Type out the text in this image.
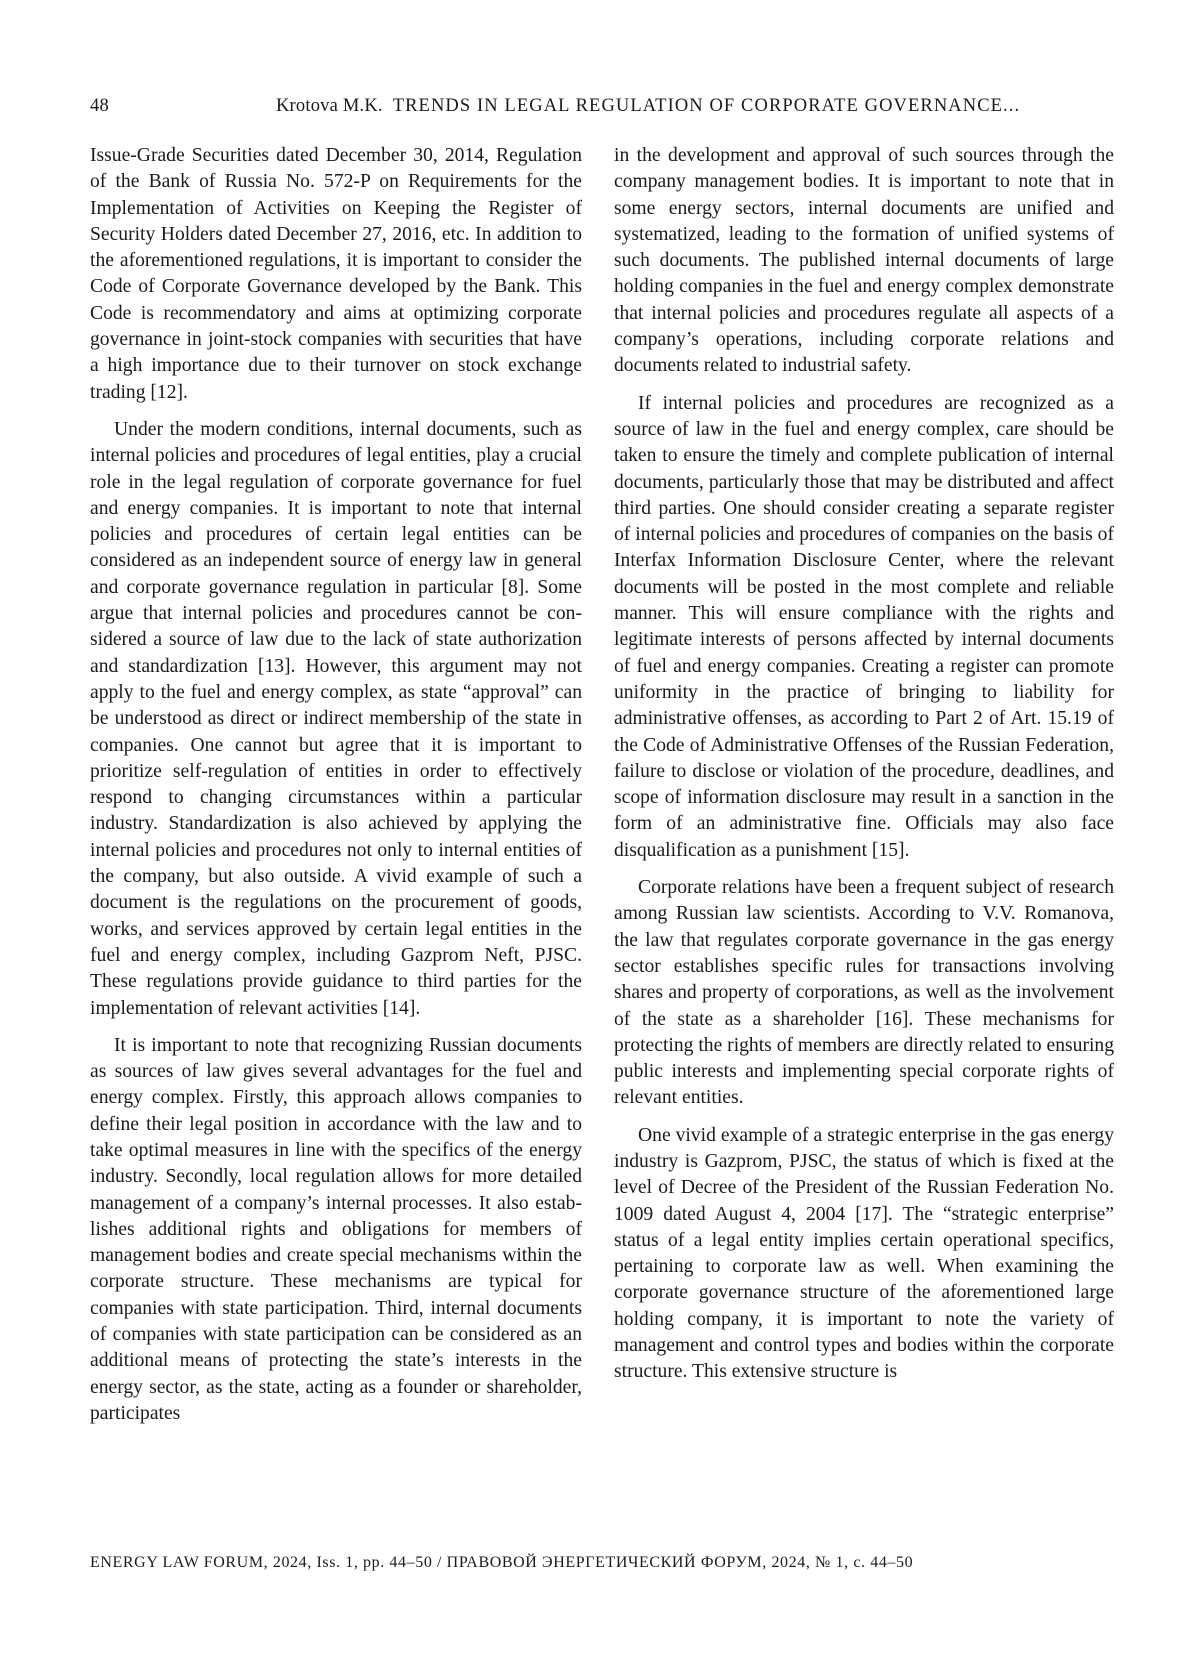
48	Krotova M.K. TRENDS IN LEGAL REGULATION OF CORPORATE GOVERNANCE...

Issue-Grade Securities dated December 30, 2014, Regulation of the Bank of Russia No. 572-P on Requirements for the Implementation of Activities on Keeping the Register of Security Holders dated December 27, 2016, etc. In addition to the aforementioned regulations, it is important to consider the Code of Corporate Governance developed by the Bank. This Code is recommendatory and aims at optimizing corporate governance in joint-stock companies with securities that have a high importance due to their turnover on stock exchange trading [12].

Under the modern conditions, internal documents, such as internal policies and procedures of legal entities, play a crucial role in the legal regulation of corporate governance for fuel and energy companies. It is important to note that internal policies and procedures of certain legal entities can be considered as an independent source of energy law in general and corporate governance regulation in particular [8]. Some argue that internal policies and procedures cannot be considered a source of law due to the lack of state authorization and standardization [13]. However, this argument may not apply to the fuel and energy complex, as state “approval” can be understood as direct or indirect membership of the state in companies. One cannot but agree that it is important to prioritize self-regulation of entities in order to effectively respond to changing circumstances within a particular industry. Standardization is also achieved by applying the internal policies and procedures not only to internal entities of the company, but also outside. A vivid example of such a document is the regulations on the procurement of goods, works, and services approved by certain legal entities in the fuel and energy complex, including Gazprom Neft, PJSC. These regulations provide guidance to third parties for the implementation of relevant activities [14].

It is important to note that recognizing Russian documents as sources of law gives several advantages for the fuel and energy complex. Firstly, this approach allows companies to define their legal position in accordance with the law and to take optimal measures in line with the specifics of the energy industry. Secondly, local regulation allows for more detailed management of a company’s internal processes. It also establishes additional rights and obligations for members of management bodies and create special mechanisms within the corporate structure. These mechanisms are typical for companies with state participation. Third, internal documents of companies with state participation can be considered as an additional means of protecting the state’s interests in the energy sector, as the state, acting as a founder or shareholder, participates

in the development and approval of such sources through the company management bodies. It is important to note that in some energy sectors, internal documents are unified and systematized, leading to the formation of unified systems of such documents. The published internal documents of large holding companies in the fuel and energy complex demonstrate that internal policies and procedures regulate all aspects of a company’s operations, including corporate relations and documents related to industrial safety.

If internal policies and procedures are recognized as a source of law in the fuel and energy complex, care should be taken to ensure the timely and complete publication of internal documents, particularly those that may be distributed and affect third parties. One should consider creating a separate register of internal policies and procedures of companies on the basis of Interfax Information Disclosure Center, where the relevant documents will be posted in the most complete and reliable manner. This will ensure compliance with the rights and legitimate interests of persons affected by internal documents of fuel and energy companies. Creating a register can promote uniformity in the practice of bringing to liability for administrative offenses, as according to Part 2 of Art. 15.19 of the Code of Administrative Offenses of the Russian Federation, failure to disclose or violation of the procedure, deadlines, and scope of information disclosure may result in a sanction in the form of an administrative fine. Officials may also face disqualification as a punishment [15].

Corporate relations have been a frequent subject of research among Russian law scientists. According to V.V. Romanova, the law that regulates corporate governance in the gas energy sector establishes specific rules for transactions involving shares and property of corporations, as well as the involvement of the state as a shareholder [16]. These mechanisms for protecting the rights of members are directly related to ensuring public interests and implementing special corporate rights of relevant entities.

One vivid example of a strategic enterprise in the gas energy industry is Gazprom, PJSC, the status of which is fixed at the level of Decree of the President of the Russian Federation No. 1009 dated August 4, 2004 [17]. The “strategic enterprise” status of a legal entity implies certain operational specifics, pertaining to corporate law as well. When examining the corporate governance structure of the aforementioned large holding company, it is important to note the variety of management and control types and bodies within the corporate structure. This extensive structure is

ENERGY LAW FORUM, 2024, Iss. 1, pp. 44–50 / ПРАВОВОЙ ЭНЕРГЕТИЧЕСКИЙ ФОРУМ, 2024, № 1, с. 44–50
